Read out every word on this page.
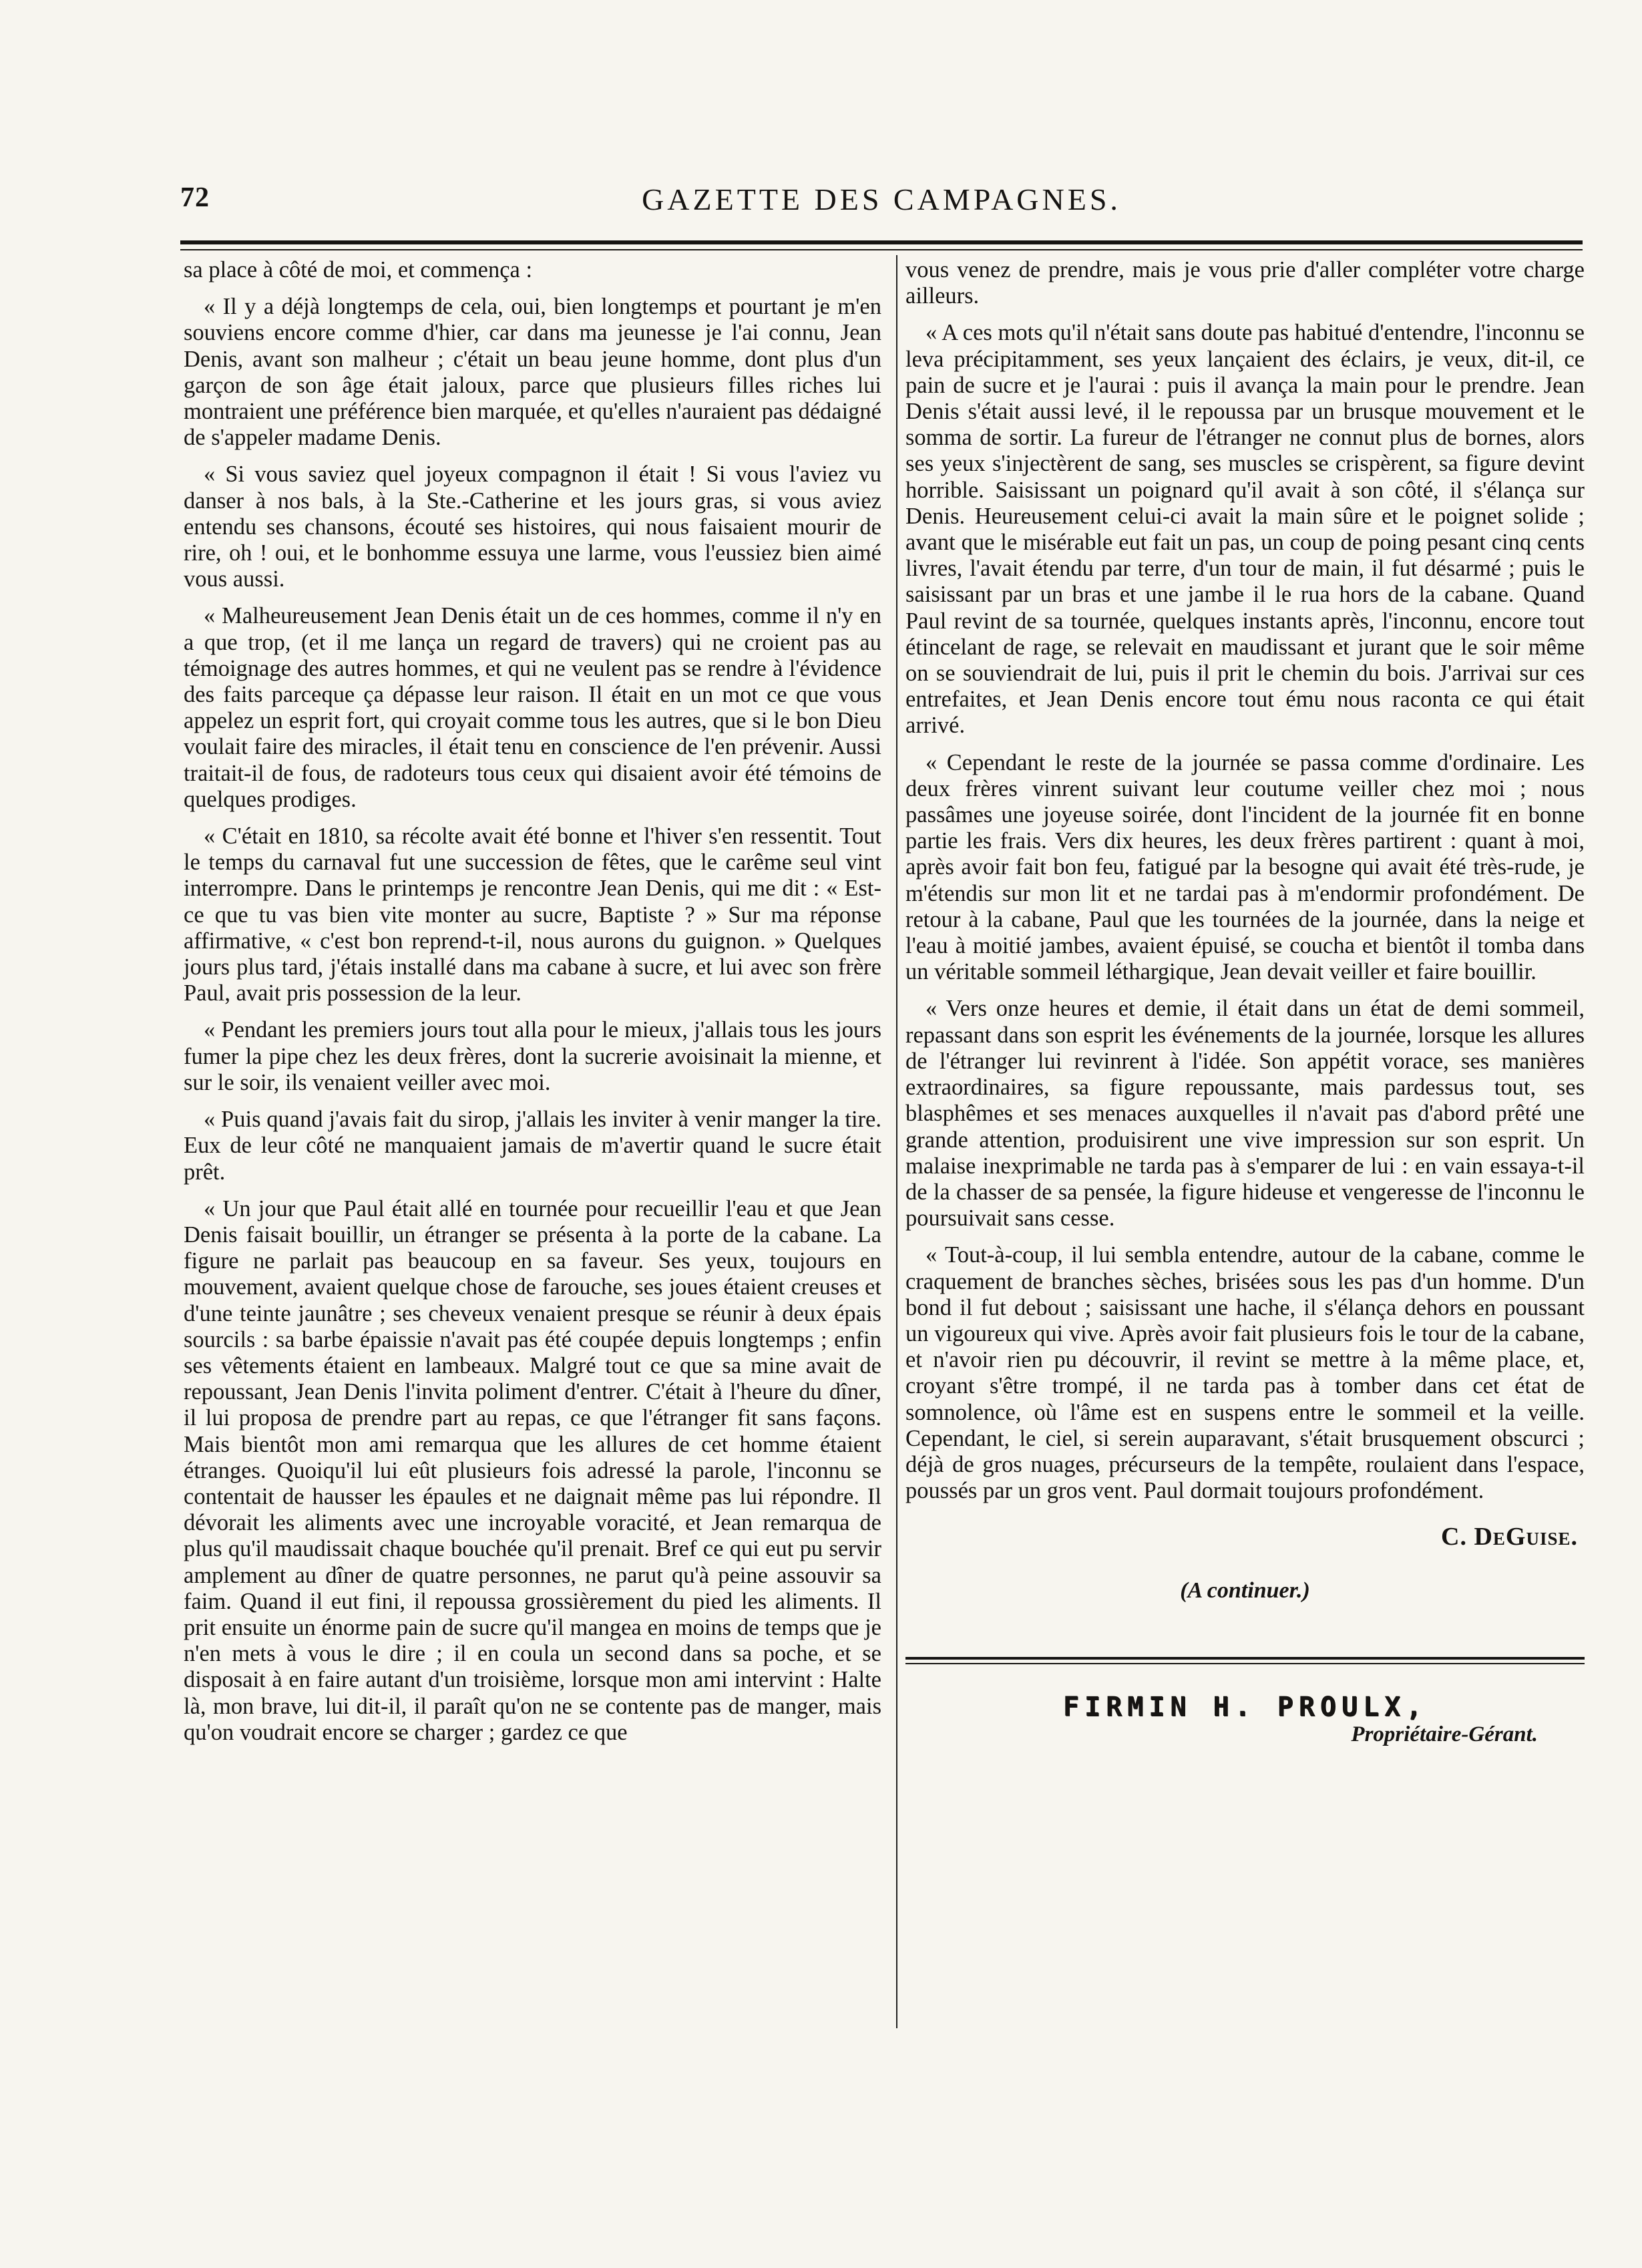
72	GAZETTE DES CAMPAGNES.

sa place à côté de moi, et commença :

« Il y a déjà longtemps de cela, oui, bien longtemps et pourtant je m'en souviens encore comme d'hier, car dans ma jeunesse je l'ai connu, Jean Denis, avant son malheur ; c'était un beau jeune homme, dont plus d'un garçon de son âge était jaloux, parce que plusieurs filles riches lui montraient une préférence bien marquée, et qu'elles n'auraient pas dédaigné de s'appeler madame Denis.

« Si vous saviez quel joyeux compagnon il était ! Si vous l'aviez vu danser à nos bals, à la Ste.-Catherine et les jours gras, si vous aviez entendu ses chansons, écouté ses histoires, qui nous faisaient mourir de rire, oh ! oui, et le bonhomme essuya une larme, vous l'eussiez bien aimé vous aussi.

« Malheureusement Jean Denis était un de ces hommes, comme il n'y en a que trop, (et il me lança un regard de travers) qui ne croient pas au témoignage des autres hommes, et qui ne veulent pas se rendre à l'évidence des faits parceque ça dépasse leur raison. Il était en un mot ce que vous appelez un esprit fort, qui croyait comme tous les autres, que si le bon Dieu voulait faire des miracles, il était tenu en conscience de l'en prévenir. Aussi traitait-il de fous, de radoteurs tous ceux qui disaient avoir été témoins de quelques prodiges.

« C'était en 1810, sa récolte avait été bonne et l'hiver s'en ressentit. Tout le temps du carnaval fut une succession de fêtes, que le carême seul vint interrompre. Dans le printemps je rencontre Jean Denis, qui me dit : « Est-ce que tu vas bien vite monter au sucre, Baptiste ? » Sur ma réponse affirmative, « c'est bon reprend-t-il, nous aurons du guignon. » Quelques jours plus tard, j'étais installé dans ma cabane à sucre, et lui avec son frère Paul, avait pris possession de la leur.

« Pendant les premiers jours tout alla pour le mieux, j'allais tous les jours fumer la pipe chez les deux frères, dont la sucrerie avoisinait la mienne, et sur le soir, ils venaient veiller avec moi.

« Puis quand j'avais fait du sirop, j'allais les inviter à venir manger la tire. Eux de leur côté ne manquaient jamais de m'avertir quand le sucre était prêt.

« Un jour que Paul était allé en tournée pour recueillir l'eau et que Jean Denis faisait bouillir, un étranger se présenta à la porte de la cabane. La figure ne parlait pas beaucoup en sa faveur. Ses yeux, toujours en mouvement, avaient quelque chose de farouche, ses joues étaient creuses et d'une teinte jaunâtre ; ses cheveux venaient presque se réunir à deux épais sourcils : sa barbe épaissie n'avait pas été coupée depuis longtemps ; enfin ses vêtements étaient en lambeaux. Malgré tout ce que sa mine avait de repoussant, Jean Denis l'invita poliment d'entrer. C'était à l'heure du dîner, il lui proposa de prendre part au repas, ce que l'étranger fit sans façons. Mais bientôt mon ami remarqua que les allures de cet homme étaient étranges. Quoiqu'il lui eût plusieurs fois adressé la parole, l'inconnu se contentait de hausser les épaules et ne daignait même pas lui répondre. Il dévorait les aliments avec une incroyable voracité, et Jean remarqua de plus qu'il maudissait chaque bouchée qu'il prenait. Bref ce qui eut pu servir amplement au dîner de quatre personnes, ne parut qu'à peine assouvir sa faim. Quand il eut fini, il repoussa grossièrement du pied les aliments. Il prit ensuite un énorme pain de sucre qu'il mangea en moins de temps que je n'en mets à vous le dire ; il en coula un second dans sa poche, et se disposait à en faire autant d'un troisième, lorsque mon ami intervint : Halte là, mon brave, lui dit-il, il paraît qu'on ne se contente pas de manger, mais qu'on voudrait encore se charger ; gardez ce que

vous venez de prendre, mais je vous prie d'aller compléter votre charge ailleurs.

« A ces mots qu'il n'était sans doute pas habitué d'entendre, l'inconnu se leva précipitamment, ses yeux lançaient des éclairs, je veux, dit-il, ce pain de sucre et je l'aurai : puis il avança la main pour le prendre. Jean Denis s'était aussi levé, il le repoussa par un brusque mouvement et le somma de sortir. La fureur de l'étranger ne connut plus de bornes, alors ses yeux s'injectèrent de sang, ses muscles se crispèrent, sa figure devint horrible. Saisissant un poignard qu'il avait à son côté, il s'élança sur Denis. Heureusement celui-ci avait la main sûre et le poignet solide ; avant que le misérable eut fait un pas, un coup de poing pesant cinq cents livres, l'avait étendu par terre, d'un tour de main, il fut désarmé ; puis le saisissant par un bras et une jambe il le rua hors de la cabane. Quand Paul revint de sa tournée, quelques instants après, l'inconnu, encore tout étincelant de rage, se relevait en maudissant et jurant que le soir même on se souviendrait de lui, puis il prit le chemin du bois. J'arrivai sur ces entrefaites, et Jean Denis encore tout ému nous raconta ce qui était arrivé.

« Cependant le reste de la journée se passa comme d'ordinaire. Les deux frères vinrent suivant leur coutume veiller chez moi ; nous passâmes une joyeuse soirée, dont l'incident de la journée fit en bonne partie les frais. Vers dix heures, les deux frères partirent : quant à moi, après avoir fait bon feu, fatigué par la besogne qui avait été très-rude, je m'étendis sur mon lit et ne tardai pas à m'endormir profondément. De retour à la cabane, Paul que les tournées de la journée, dans la neige et l'eau à moitié jambes, avaient épuisé, se coucha et bientôt il tomba dans un véritable sommeil léthargique, Jean devait veiller et faire bouillir.

« Vers onze heures et demie, il était dans un état de demi sommeil, repassant dans son esprit les événements de la journée, lorsque les allures de l'étranger lui revinrent à l'idée. Son appétit vorace, ses manières extraordinaires, sa figure repoussante, mais pardessus tout, ses blasphêmes et ses menaces auxquelles il n'avait pas d'abord prêté une grande attention, produisirent une vive impression sur son esprit. Un malaise inexprimable ne tarda pas à s'emparer de lui : en vain essaya-t-il de la chasser de sa pensée, la figure hideuse et vengeresse de l'inconnu le poursuivait sans cesse.

« Tout-à-coup, il lui sembla entendre, autour de la cabane, comme le craquement de branches sèches, brisées sous les pas d'un homme. D'un bond il fut debout ; saisissant une hache, il s'élança dehors en poussant un vigoureux qui vive. Après avoir fait plusieurs fois le tour de la cabane, et n'avoir rien pu découvrir, il revint se mettre à la même place, et, croyant s'être trompé, il ne tarda pas à tomber dans cet état de somnolence, où l'âme est en suspens entre le sommeil et la veille. Cependant, le ciel, si serein auparavant, s'était brusquement obscurci ; déjà de gros nuages, précurseurs de la tempête, roulaient dans l'espace, poussés par un gros vent. Paul dormait toujours profondément.

C. DeGuise.
(A continuer.)
FIRMIN H. PROULX,
Propriétaire-Gérant.
